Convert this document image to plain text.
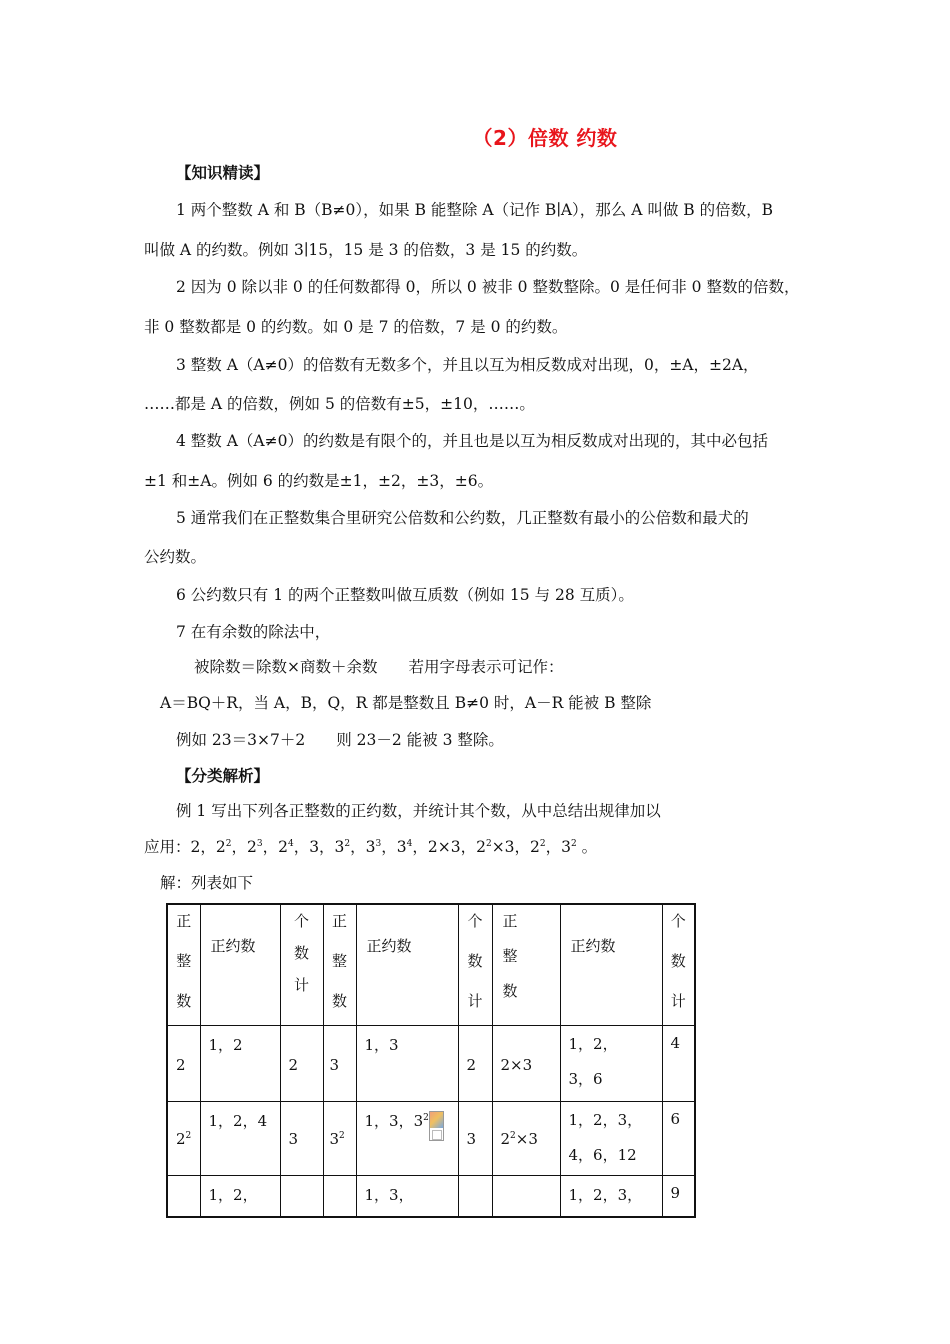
（2）倍数 约数
【知识精读】
1 两个整数 A 和 B（B≠0），如果 B 能整除 A（记作 B∣A），那么 A 叫做 B 的倍数，B
叫做 A 的约数。例如 3∣15，15 是 3 的倍数，3 是 15 的约数。
2 因为 0 除以非 0 的任何数都得 0，所以 0 被非 0 整数整除。0 是任何非 0 整数的倍数，
非 0 整数都是 0 的约数。如 0 是 7 的倍数，7 是 0 的约数。
3 整数 A（A≠0）的倍数有无数多个，并且以互为相反数成对出现，0，±A，±2A，
……都是 A 的倍数，例如 5 的倍数有±5，±10，……。
4 整数 A（A≠0）的约数是有限个的，并且也是以互为相反数成对出现的，其中必包括
±1 和±A。例如 6 的约数是±1，±2，±3，±6。
5 通常我们在正整数集合里研究公倍数和公约数，几正整数有最小的公倍数和最犬的
公约数。
6 公约数只有 1 的两个正整数叫做互质数（例如 15 与 28 互质）。
7 在有余数的除法中，
被除数＝除数×商数＋余数　　若用字母表示可记作：
A＝BQ＋R，当 A，B，Q，R 都是整数且 B≠0 时，A－R 能被 B 整除
例如 23＝3×7＋2　　则 23－2 能被 3 整除。
【分类解析】
例 1 写出下列各正整数的正约数，并统计其个数，从中总结出规律加以
应用：2，$2^2$，$2^3$，$2^4$，3，$3^2$，$3^3$，$3^4$，2×3，$2^2\times 3$，$2^2$，$3^2$ 。
解：列表如下
正
整
数	正约数	个
数
计	正
整
数	正约数	个
数
计	正
整
数	正约数	个
数
计

2	1，2	2	3	1，3	2	2×3	1，2，
3，6	4

$2^2$	1，2，4	3	$3^2$	1，3，$3^2$	3	$2^2\times 3$	1，2，3，
4，6，12	6

	1，2，			1，3，			1，2，3，	9
